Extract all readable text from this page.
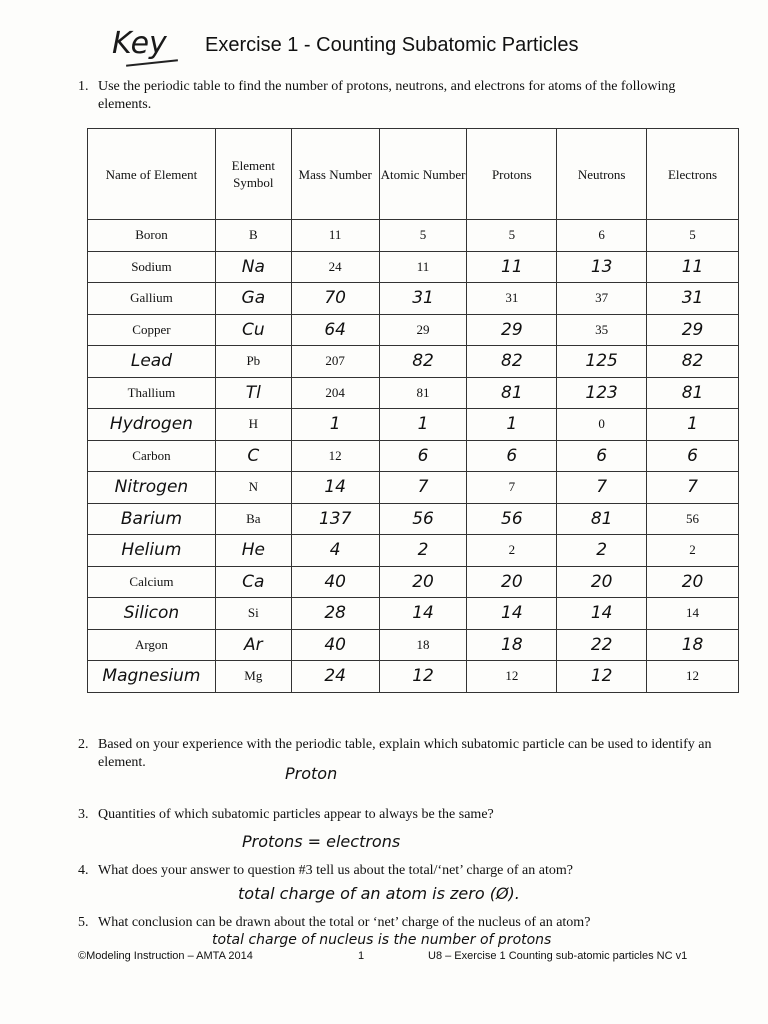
Key Exercise 1 - Counting Subatomic Particles
1. Use the periodic table to find the number of protons, neutrons, and electrons for atoms of the following elements.
Name of Element	Element Symbol	Mass Number	Atomic Number	Protons	Neutrons	Electrons
Boron	B	11	5	5	6	5
Sodium	Na	24	11	11	13	11
Gallium	Ga	70	31	31	37	31
Copper	Cu	64	29	29	35	29
Lead	Pb	207	82	82	125	82
Thallium	Tl	204	81	81	123	81
Hydrogen	H	1	1	1	0	1
Carbon	C	12	6	6	6	6
Nitrogen	N	14	7	7	7	7
Barium	Ba	137	56	56	81	56
Helium	He	4	2	2	2	2
Calcium	Ca	40	20	20	20	20
Silicon	Si	28	14	14	14	14
Argon	Ar	40	18	18	22	18
Magnesium	Mg	24	12	12	12	12
2. Based on your experience with the periodic table, explain which subatomic particle can be used to identify an element.
Proton
3. Quantities of which subatomic particles appear to always be the same?
Protons = electrons
4. What does your answer to question #3 tell us about the total/‘net’ charge of an atom?
total charge of an atom is zero (Ø).
5. What conclusion can be drawn about the total or ‘net’ charge of the nucleus of an atom?
total charge of nucleus is the number of protons
©Modeling Instruction – AMTA 2014	1	U8 – Exercise 1 Counting sub-atomic particles NC v1
